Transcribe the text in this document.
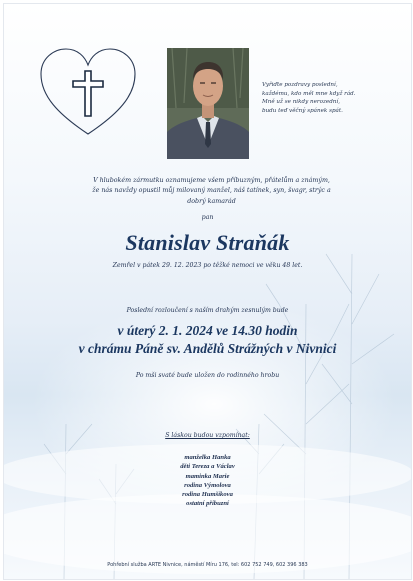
Vyřiďte pozdravy poslední,
každému, kdo měl mne když rád.
Mně už se nikdy nerozední,
budu teď věčný spánek spát.
V hlubokém zármutku oznamujeme všem příbuzným, přátelům a známým,
že nás navždy opustil můj milovaný manžel, náš tatínek, syn, švagr, strýc a
dobrý kamarád
pan
Stanislav Straňák
Zemřel v pátek 29. 12. 2023 po těžké nemoci ve věku 48 let.
Poslední rozloučení s naším drahým zesnulým bude
v úterý 2. 1. 2024 ve 14.30 hodin
v chrámu Páně sv. Andělů Strážných v Nivnici
Po mši svaté bude uložen do rodinného hrobu
S láskou budou vzpomínat:
manželka Hanka
děti Tereza a Václav
maminka Marie
rodina Výmolova
rodina Humšíkova
ostatní příbuzní
Pohřební služba ARTE Nivnice, náměstí Míru 176, tel: 602 752 749, 602 396 383
